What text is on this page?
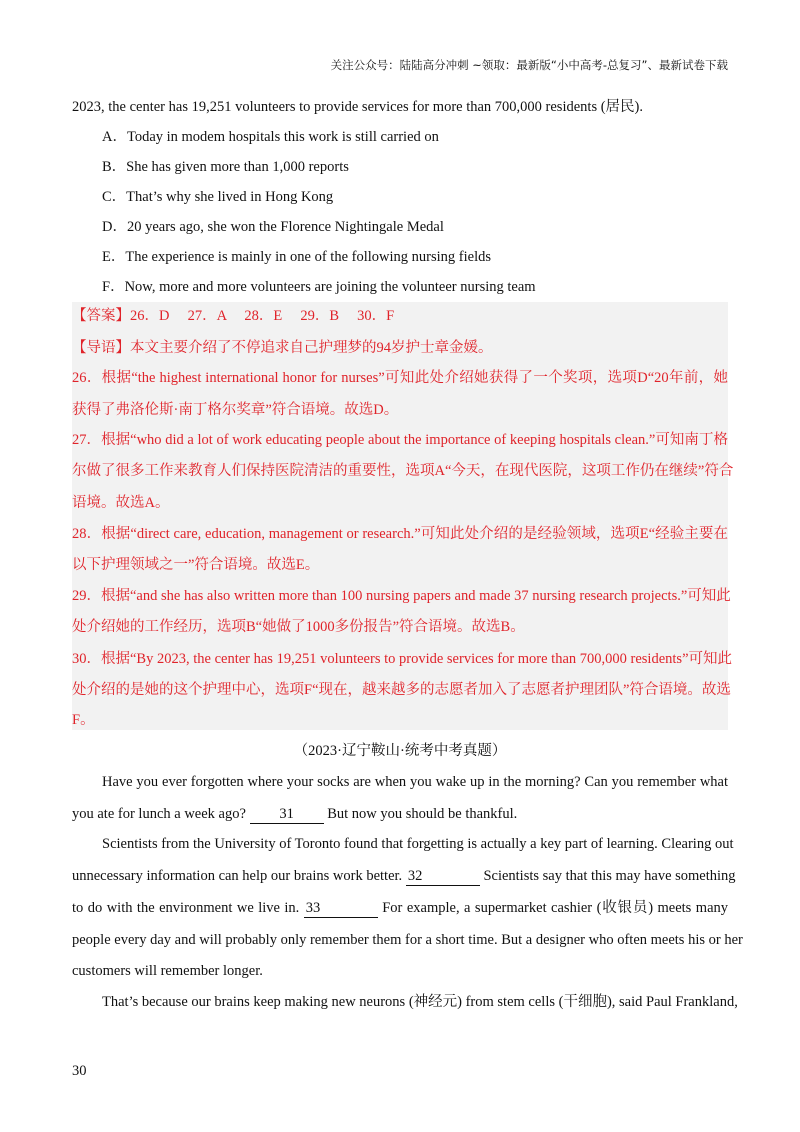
关注公众号：陆陆高分冲刺 ~领取：最新版“小中高考-总复习”、最新试卷下载
2023, the center has 19,251 volunteers to provide services for more than 700,000 residents (居民).
A．Today in modem hospitals this work is still carried on
B．She has given more than 1,000 reports
C．That’s why she lived in Hong Kong
D．20 years ago, she won the Florence Nightingale Medal
E．The experience is mainly in one of the following nursing fields
F．Now, more and more volunteers are joining the volunteer nursing team
【答案】26．D　 27．A　 28．E　 29．B　 30．F
【导语】本文主要介绍了不停追求自己护理梦的94岁护士章金媛。
26．根据“the highest international honor for nurses”可知此处介绍她获得了一个奖项，选项D“20年前，她
获得了弗洛伦斯·南丁格尔奖章”符合语境。故选D。
27．根据“who did a lot of work educating people about the importance of keeping hospitals clean.”可知南丁格
尔做了很多工作来教育人们保持医院清洁的重要性，选项A“今天，在现代医院，这项工作仍在继续”符合
语境。故选A。
28．根据“direct care, education, management or research.”可知此处介绍的是经验领域，选项E“经验主要在
以下护理领域之一”符合语境。故选E。
29．根据“and she has also written more than 100 nursing papers and made 37 nursing research projects.”可知此
处介绍她的工作经历，选项B“她做了1000多份报告”符合语境。故选B。
30．根据“By 2023, the center has 19,251 volunteers to provide services for more than 700,000 residents”可知此
处介绍的是她的这个护理中心，选项F“现在，越来越多的志愿者加入了志愿者护理团队”符合语境。故选
F。
（2023·辽宁鞍山·统考中考真题）
Have you ever forgotten where your socks are when you wake up in the morning? Can you remember what
you ate for lunch a week ago? 31 But now you should be thankful.
Scientists from the University of Toronto found that forgetting is actually a key part of learning. Clearing out
unnecessary information can help our brains work better. 32	Scientists say that this may have something
to do with the environment we live in. 33	For example, a supermarket cashier (收银员) meets many
people every day and will probably only remember them for a short time. But a designer who often meets his or her
customers will remember longer.
That’s because our brains keep making new neurons (神经元) from stem cells (干细胞), said Paul Frankland,
30
